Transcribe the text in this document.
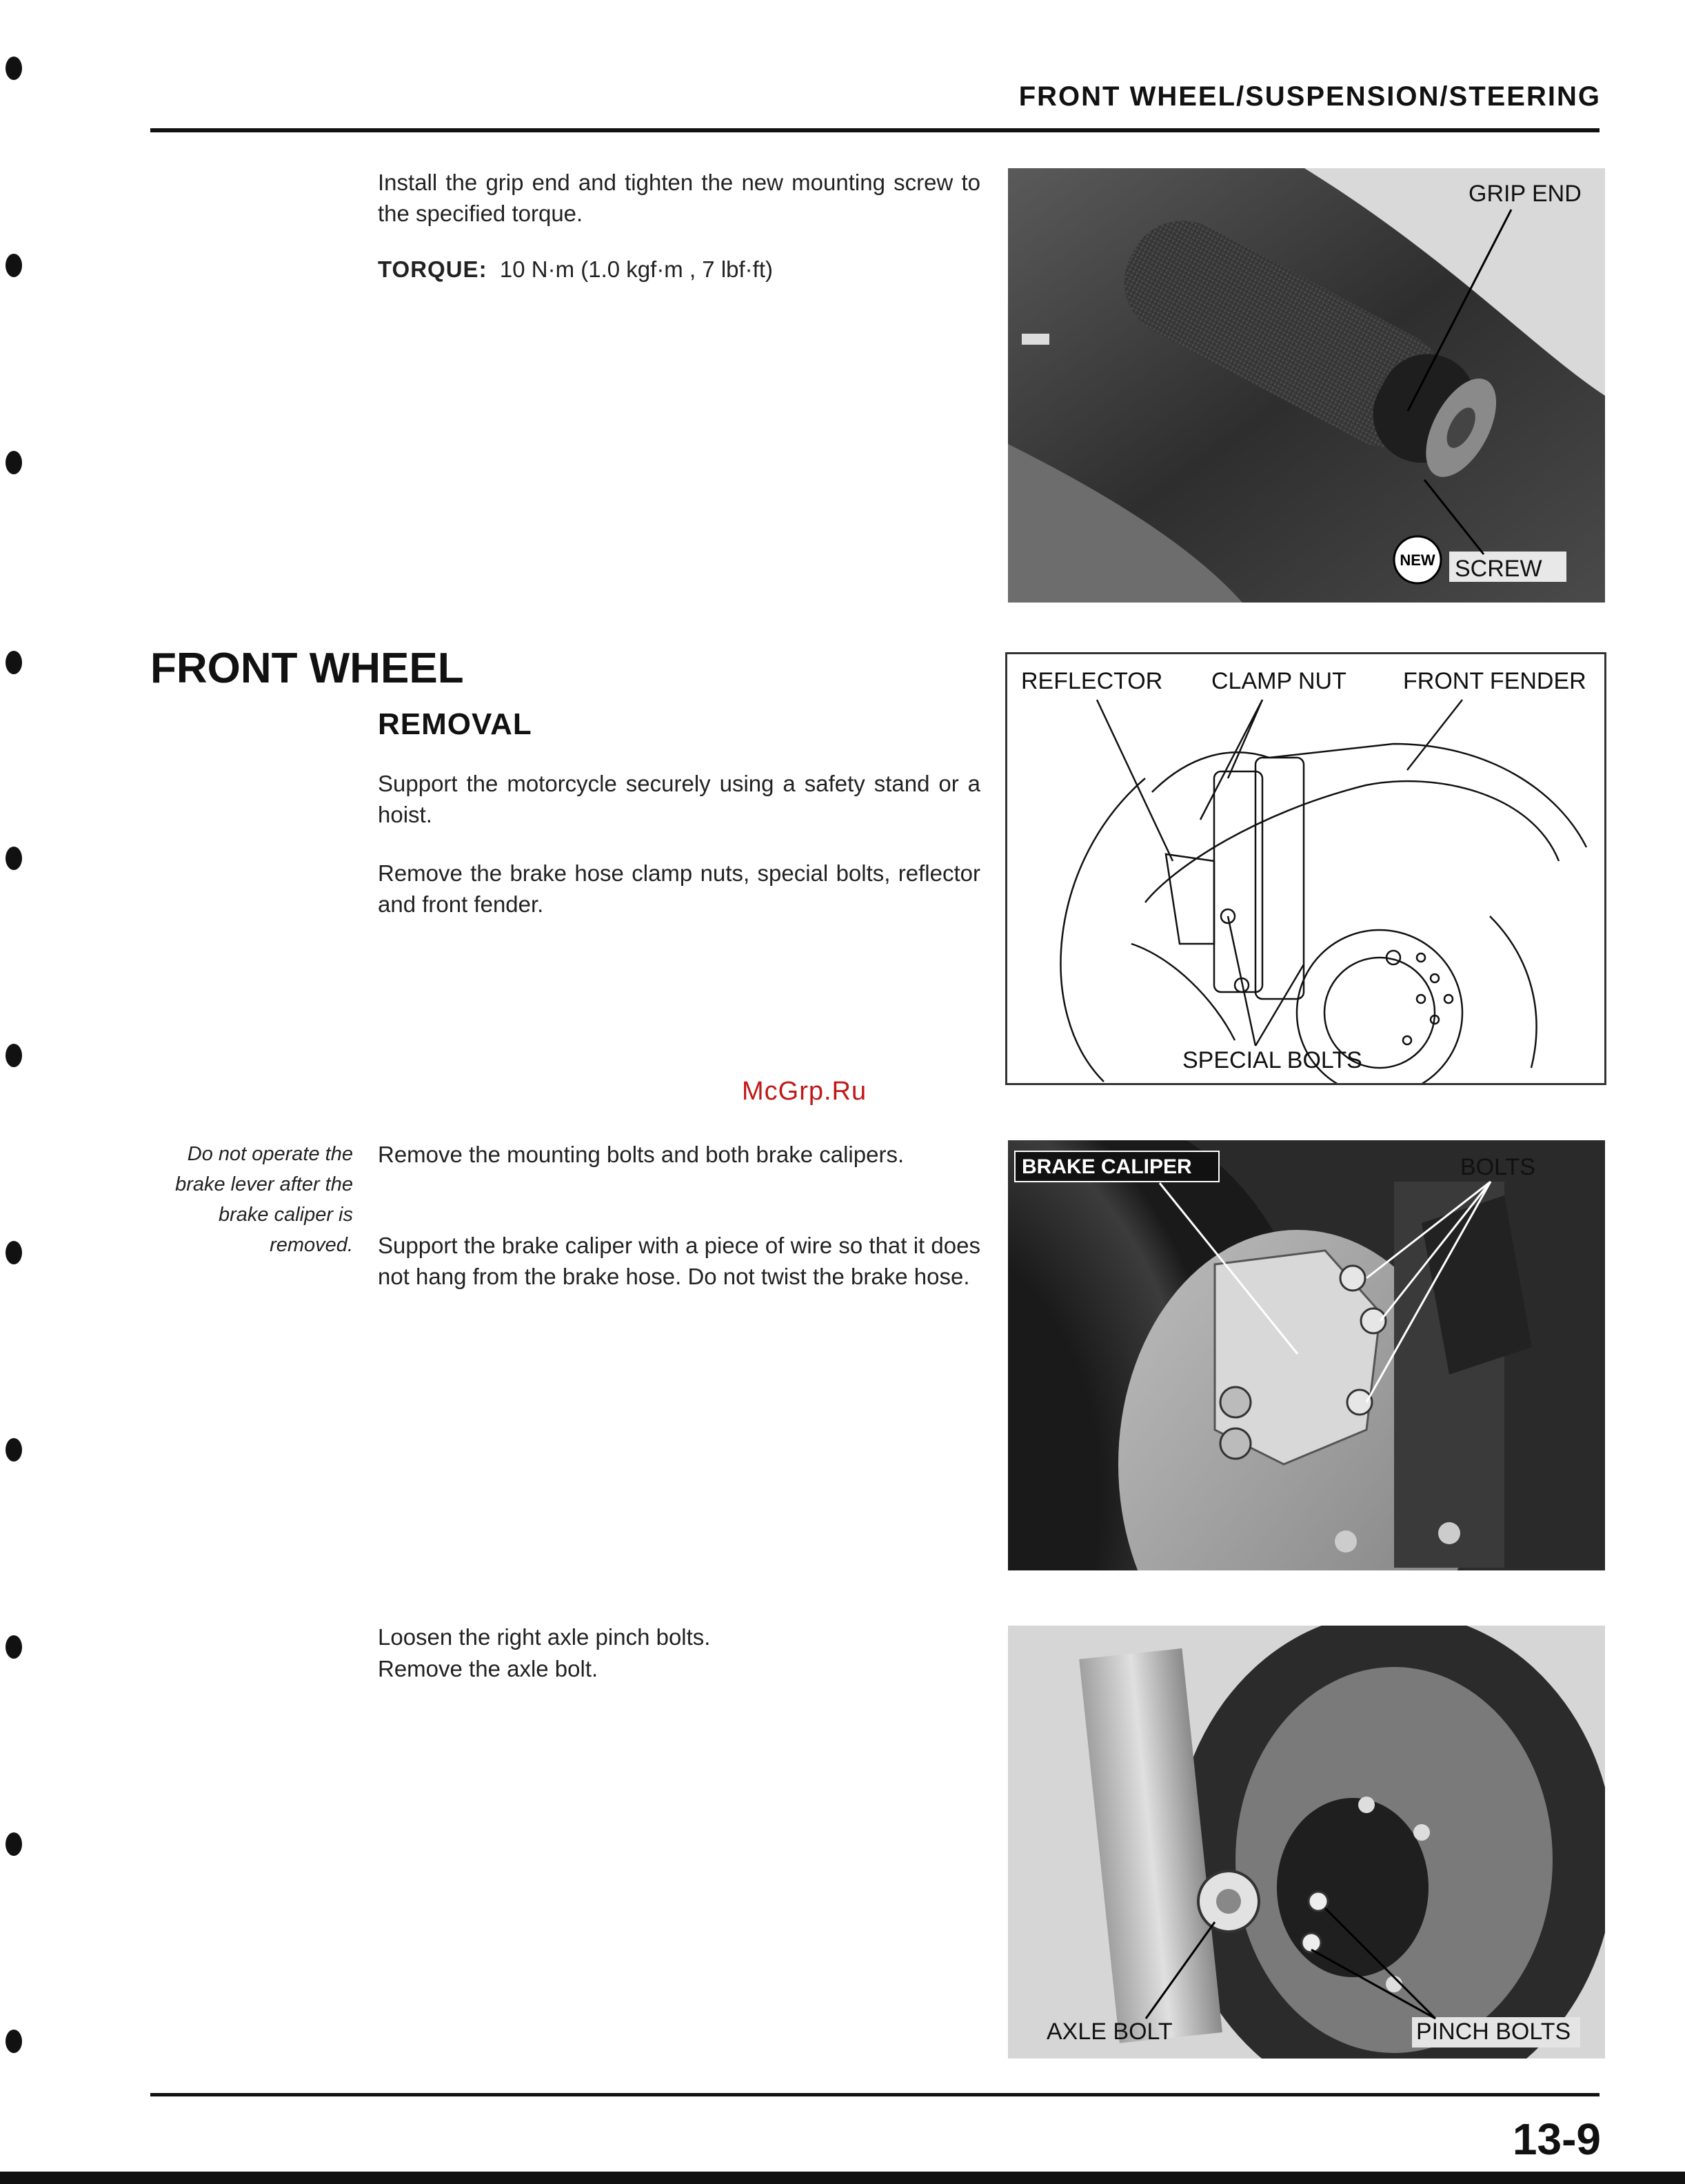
FRONT WHEEL/SUSPENSION/STEERING
Install the grip end and tighten the new mounting screw to the specified torque.
TORQUE: 10 N·m (1.0 kgf·m , 7 lbf·ft)
GRIP END
NEW SCREW
FRONT WHEEL
REMOVAL
Support the motorcycle securely using a safety stand or a hoist.
Remove the brake hose clamp nuts, special bolts, reflector and front fender.
REFLECTOR CLAMP NUT FRONT FENDER
SPECIAL BOLTS
McGrp.Ru
Do not operate the brake lever after the brake caliper is removed.
Remove the mounting bolts and both brake calipers.
Support the brake caliper with a piece of wire so that it does not hang from the brake hose. Do not twist the brake hose.
BRAKE CALIPER	BOLTS
Loosen the right axle pinch bolts.
Remove the axle bolt.
AXLE BOLT	PINCH BOLTS
13-9
